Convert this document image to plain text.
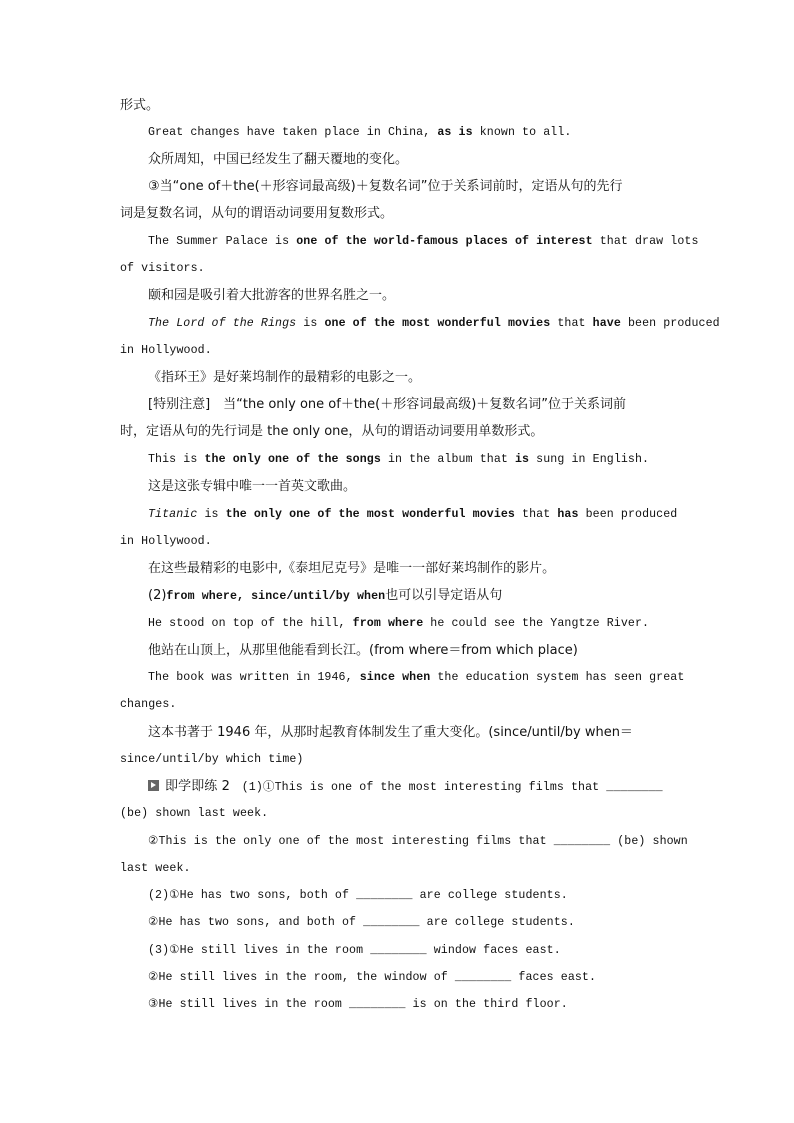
形式。
Great changes have taken place in China, as is known to all.
众所周知，中国已经发生了翻天覆地的变化。
③当“one of＋the(＋形容词最高级)＋复数名词”位于关系词前时，定语从句的先行
词是复数名词，从句的谓语动词要用复数形式。
The Summer Palace is one of the world-famous places of interest that draw lots
of visitors.
颐和园是吸引着大批游客的世界名胜之一。
The Lord of the Rings is one of the most wonderful movies that have been produced
in Hollywood.
《指环王》是好莱坞制作的最精彩的电影之一。
[特别注意]　当“the only one of＋the(＋形容词最高级)＋复数名词”位于关系词前
时，定语从句的先行词是 the only one，从句的谓语动词要用单数形式。
This is the only one of the songs in the album that is sung in English.
这是这张专辑中唯一一首英文歌曲。
Titanic is the only one of the most wonderful movies that has been produced
in Hollywood.
在这些最精彩的电影中,《泰坦尼克号》是唯一一部好莱坞制作的影片。
(2)from where, since/until/by when也可以引导定语从句
He stood on top of the hill, from where he could see the Yangtze River.
他站在山顶上，从那里他能看到长江。(from where＝from which place)
The book was written in 1946, since when the education system has seen great
changes.
这本书著于 1946 年，从那时起教育体制发生了重大变化。(since/until/by when＝
since/until/by which time)
即学即练 2　(1)①This is one of the most interesting films that ________
(be) shown last week.
②This is the only one of the most interesting films that ________ (be) shown
last week.
(2)①He has two sons, both of ________ are college students.
②He has two sons, and both of ________ are college students.
(3)①He still lives in the room ________ window faces east.
②He still lives in the room, the window of ________ faces east.
③He still lives in the room ________ is on the third floor.
